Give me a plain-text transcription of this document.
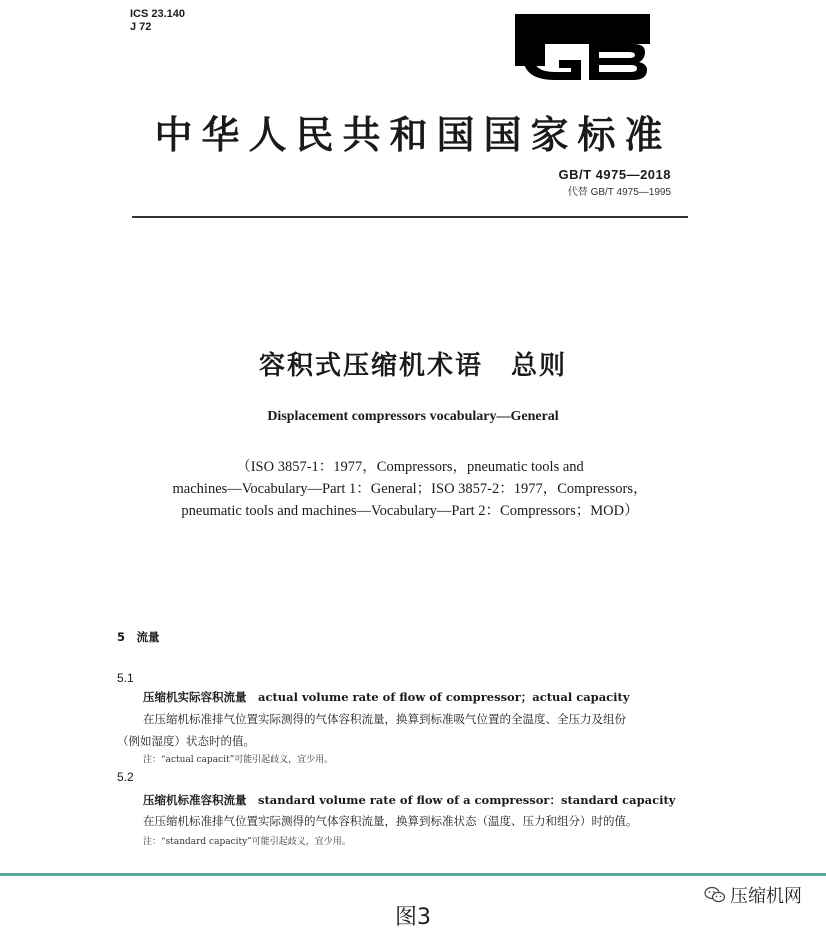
ICS 23.140
J 72
中华人民共和国国家标准
GB/T 4975—2018
代替 GB/T 4975—1995
容积式压缩机术语　总则
Displacement compressors vocabulary—General
（ISO 3857-1：1977，Compressors，pneumatic tools and
machines—Vocabulary—Part 1：General；ISO 3857-2：1977，Compressors，
pneumatic tools and machines—Vocabulary—Part 2：Compressors；MOD）
5　流量
5.1
压缩机实际容积流量　actual volume rate of flow of compressor；actual capacity
在压缩机标准排气位置实际测得的气体容积流量，换算到标准吸气位置的全温度、全压力及组份
（例如湿度）状态时的值。
注：“actual capacit”可能引起歧义，宜少用。
5.2
压缩机标准容积流量　standard volume rate of flow of a compressor：standard capacity
在压缩机标准排气位置实际测得的气体容积流量，换算到标准状态（温度、压力和组分）时的值。
注：“standard capacity”可能引起歧义，宜少用。
压缩机网
图3
